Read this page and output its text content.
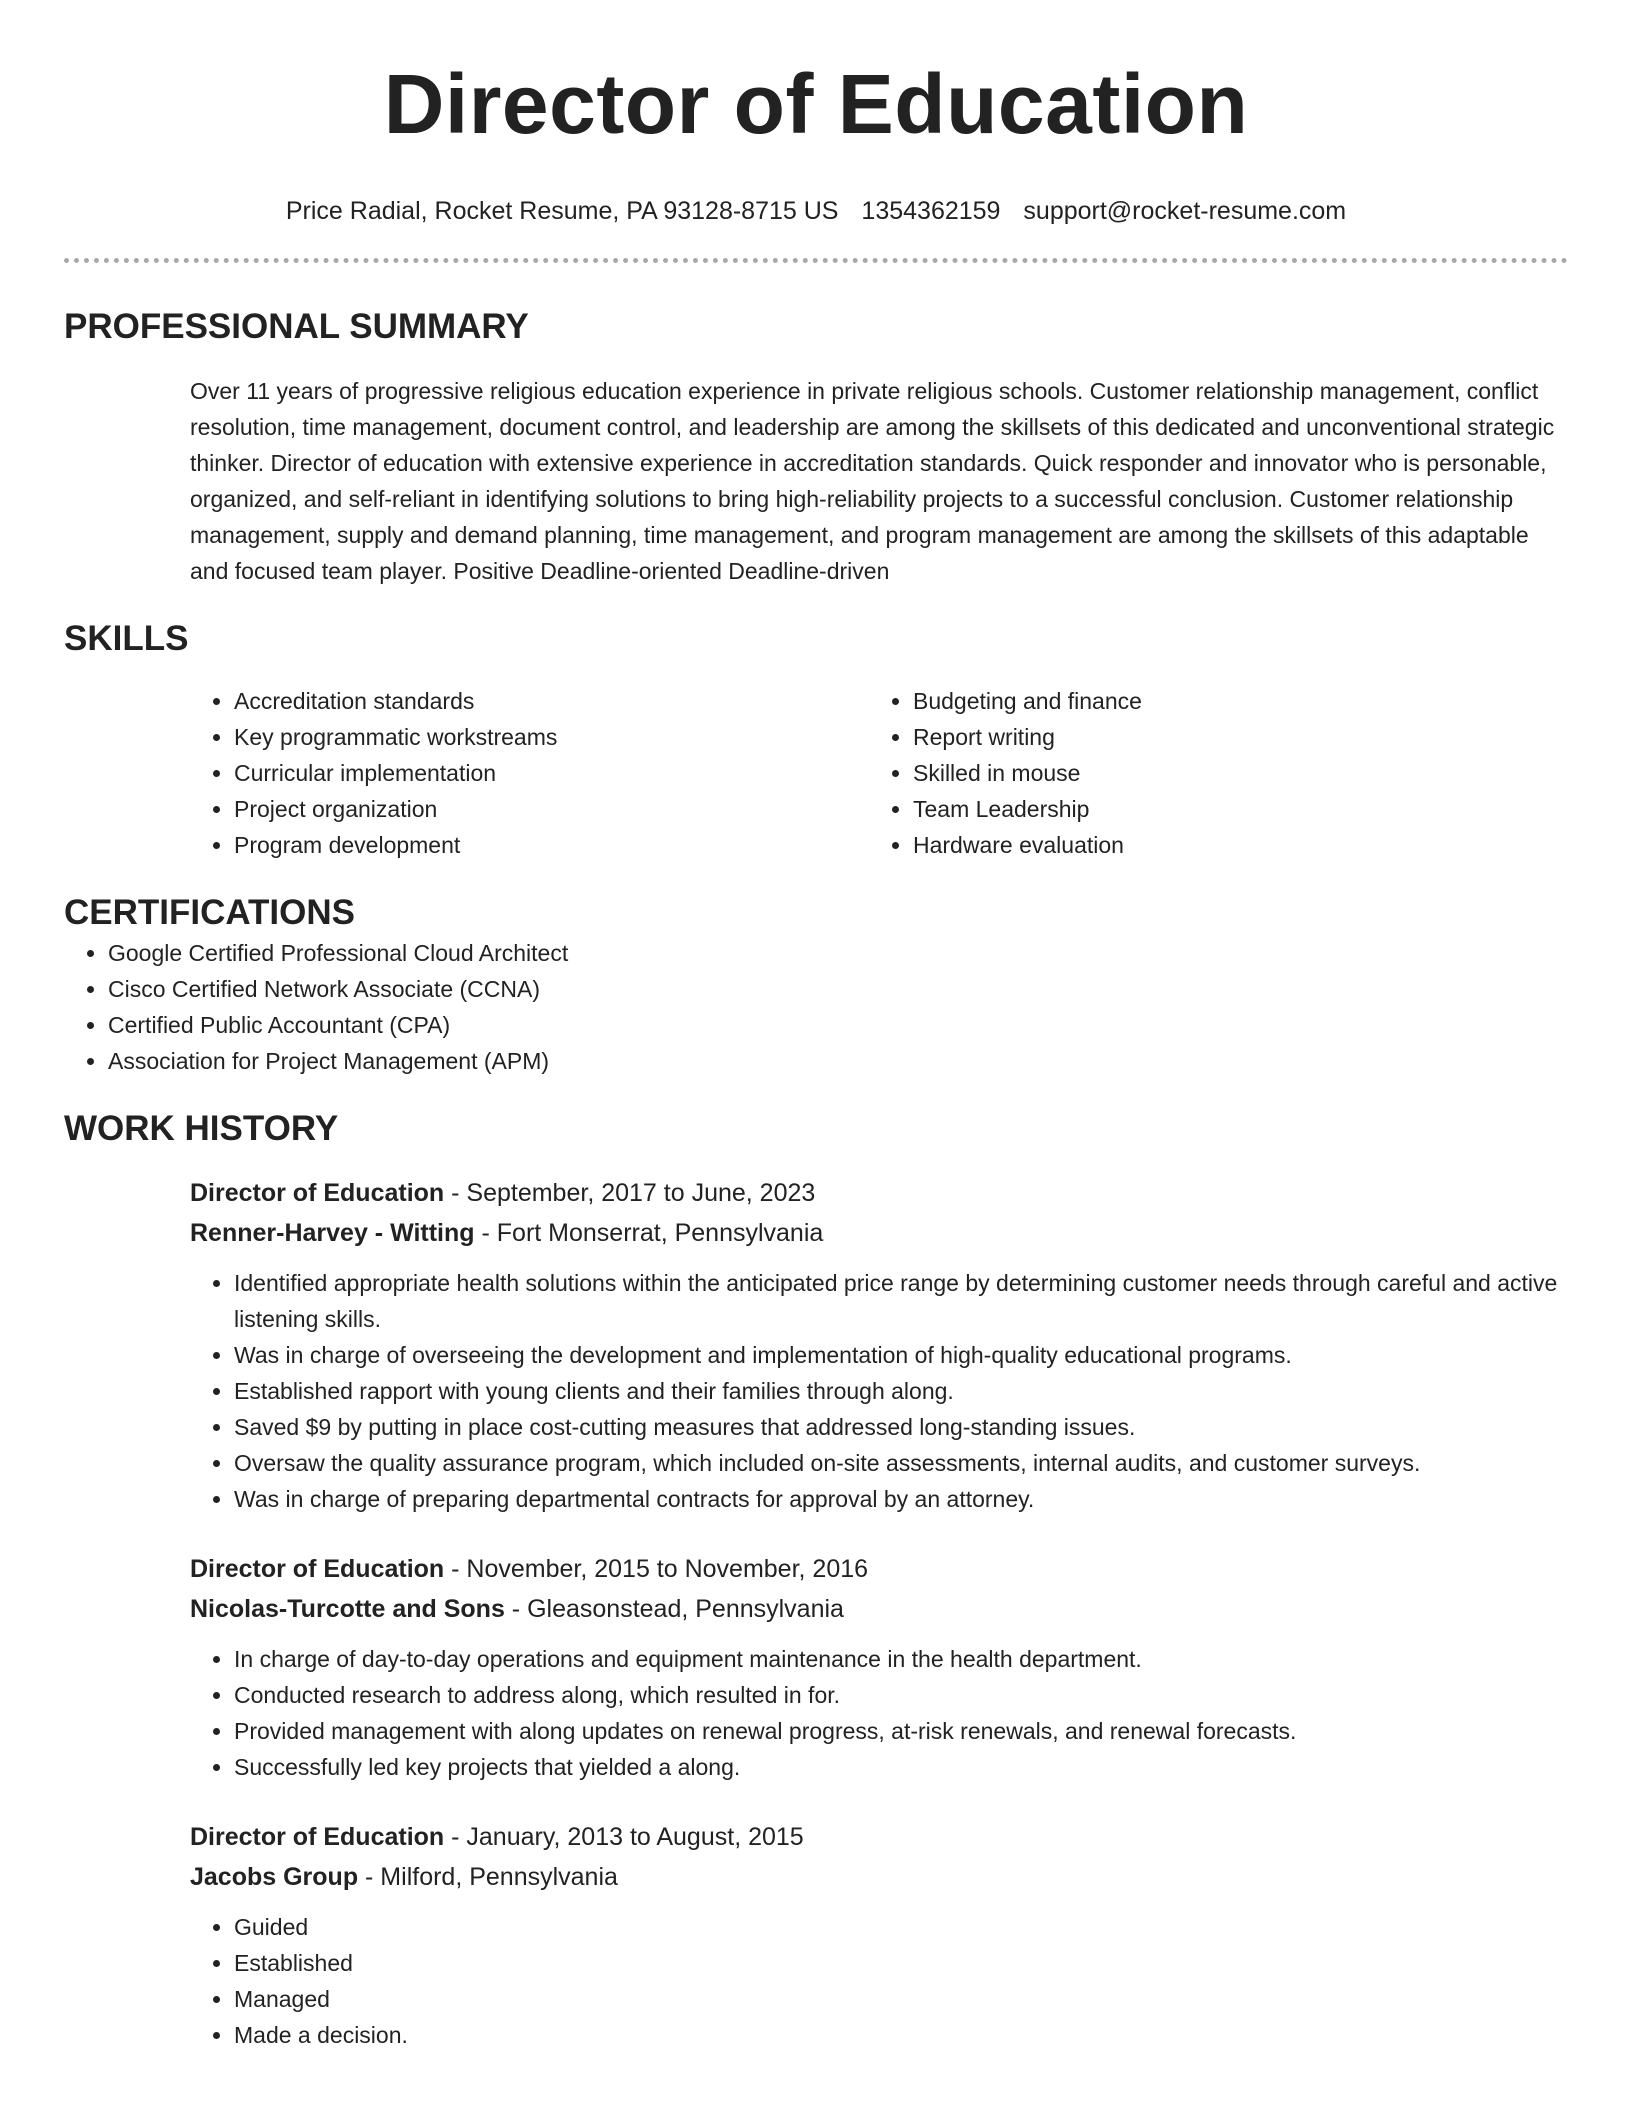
Director of Education
Price Radial, Rocket Resume, PA 93128-8715 US 1354362159 support@rocket-resume.com
PROFESSIONAL SUMMARY

Over 11 years of progressive religious education experience in private religious schools. Customer relationship management, conflict resolution, time management, document control, and leadership are among the skillsets of this dedicated and unconventional strategic thinker. Director of education with extensive experience in accreditation standards. Quick responder and innovator who is personable, organized, and self-reliant in identifying solutions to bring high-reliability projects to a successful conclusion. Customer relationship management, supply and demand planning, time management, and program management are among the skillsets of this adaptable and focused team player. Positive Deadline-oriented Deadline-driven

SKILLS
• Accreditation standards
• Key programmatic workstreams
• Curricular implementation
• Project organization
• Program development
• Budgeting and finance
• Report writing
• Skilled in mouse
• Team Leadership
• Hardware evaluation
CERTIFICATIONS
• Google Certified Professional Cloud Architect
• Cisco Certified Network Associate (CCNA)
• Certified Public Accountant (CPA)
• Association for Project Management (APM)
WORK HISTORY
Director of Education - September, 2017 to June, 2023
Renner-Harvey - Witting - Fort Monserrat, Pennsylvania
• Identified appropriate health solutions within the anticipated price range by determining customer needs through careful and active listening skills.
• Was in charge of overseeing the development and implementation of high-quality educational programs.
• Established rapport with young clients and their families through along.
• Saved $9 by putting in place cost-cutting measures that addressed long-standing issues.
• Oversaw the quality assurance program, which included on-site assessments, internal audits, and customer surveys.
• Was in charge of preparing departmental contracts for approval by an attorney.
Director of Education - November, 2015 to November, 2016
Nicolas-Turcotte and Sons - Gleasonstead, Pennsylvania
• In charge of day-to-day operations and equipment maintenance in the health department.
• Conducted research to address along, which resulted in for.
• Provided management with along updates on renewal progress, at-risk renewals, and renewal forecasts.
• Successfully led key projects that yielded a along.
Director of Education - January, 2013 to August, 2015
Jacobs Group - Milford, Pennsylvania
• Guided
• Established
• Managed
• Made a decision.
